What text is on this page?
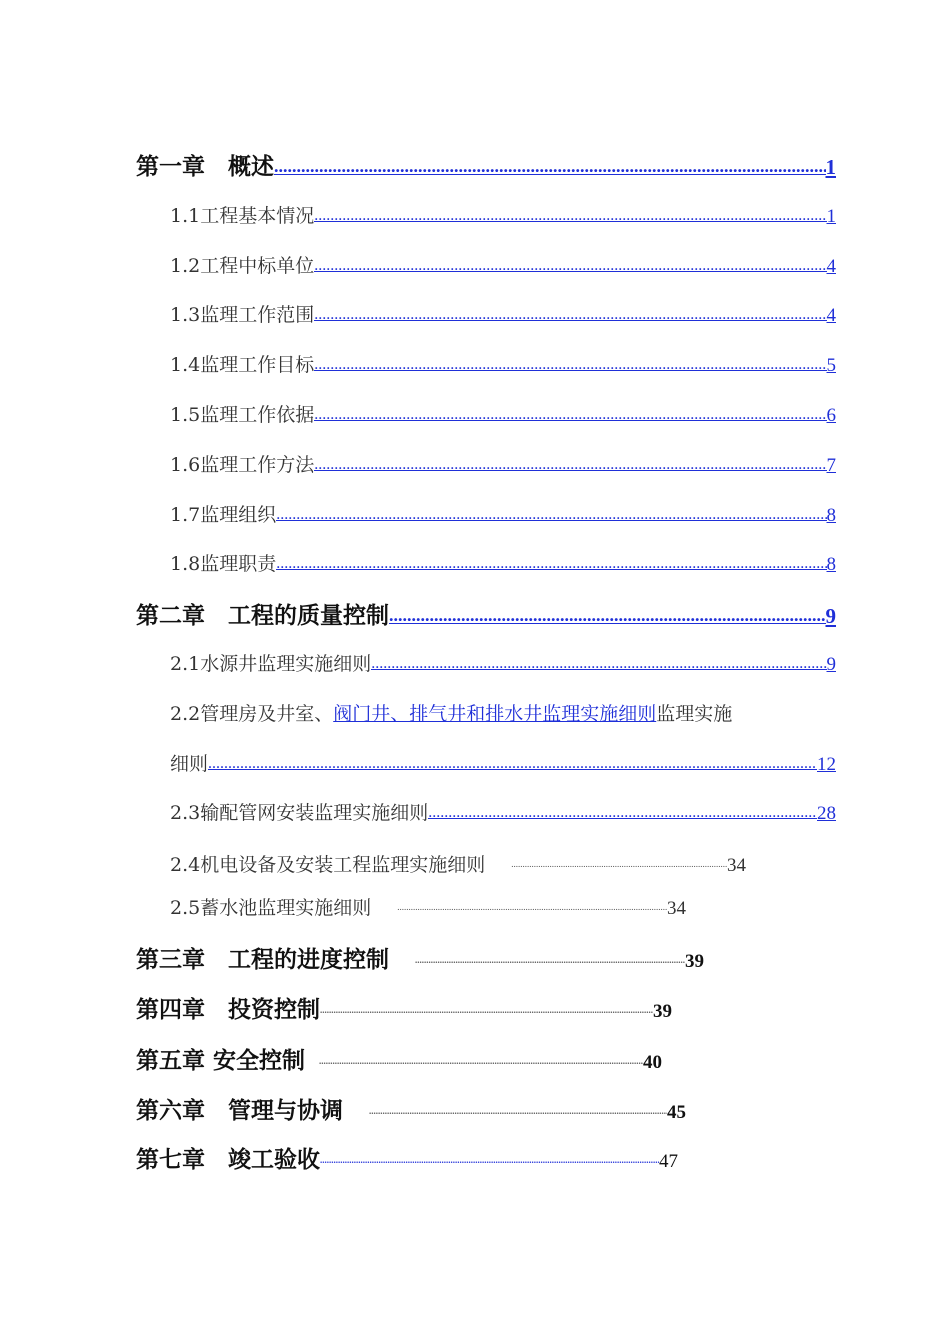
第一章　概述 .....	1
1.1工程基本情况 .....	1
1.2工程中标单位 .....	4
1.3监理工作范围 .....	4
1.4监理工作目标 .....	5
1.5监理工作依据 .....	6
1.6监理工作方法 .....	7
1.7监理组织 .....	8
1.8监理职责 .....	8
第二章　工程的质量控制 .....	9
2.1水源井监理实施细则 .....	9
2.2管理房及井室、 阀门井、排气井和排水井监理实施细则 监理实施
细则 .....	12
2.3输配管网安装监理实施细则 .....	28
2.4机电设备及安装工程监理实施细则 .....	34
2.5蓄水池监理实施细则 .....	34
第三章　工程的进度控制 .....	39
第四章　投资控制 .....	39
第五章 安全控制 .....	40
第六章　管理与协调 .....	45
第七章　竣工验收 .....	47
